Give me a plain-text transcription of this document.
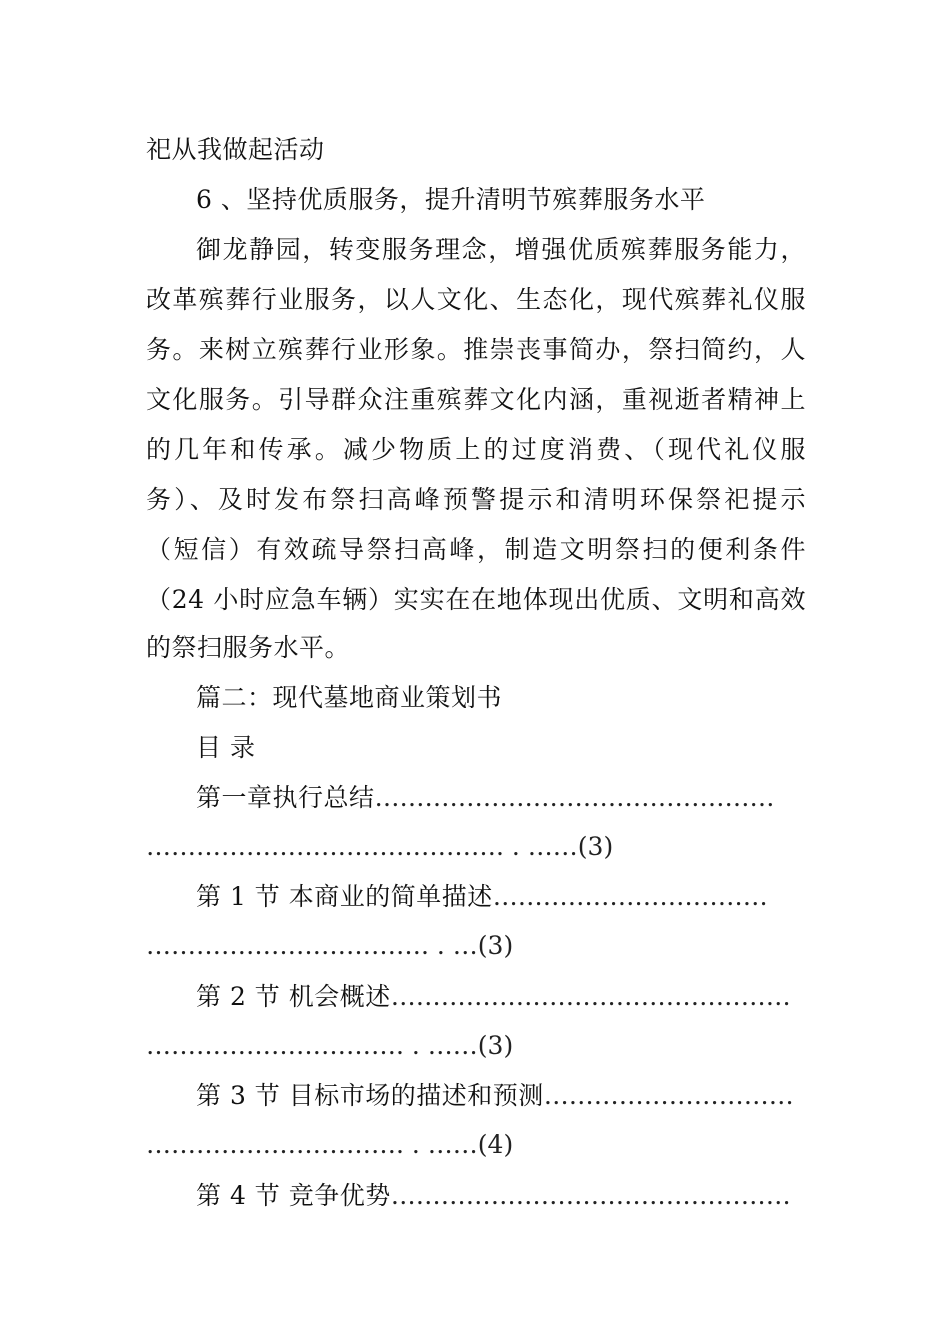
祀从我做起活动
6 、坚持优质服务，提升清明节殡葬服务水平
御龙静园，转变服务理念，增强优质殡葬服务能力，
改革殡葬行业服务，以人文化、生态化，现代殡葬礼仪服
务。来树立殡葬行业形象。推崇丧事简办，祭扫简约，人
文化服务。引导群众注重殡葬文化内涵，重视逝者精神上
的几年和传承。减少物质上的过度消费、（现代礼仪服
务）、及时发布祭扫高峰预警提示和清明环保祭祀提示
（短信）有效疏导祭扫高峰，制造文明祭扫的便利条件
（24 小时应急车辆）实实在在地体现出优质、文明和高效
的祭扫服务水平。
篇二：现代墓地商业策划书
目 录
第一章执行总结…………………………………………
……………………………………. . ……(3)
第 1 节 本商业的简单描述……………………………
……………………………. . …(3)
第 2 节 机会概述…………………………………………
…………………………. . ……(3)
第 3 节 目标市场的描述和预测…………………………
…………………………. . ……(4)
第 4 节 竞争优势…………………………………………
